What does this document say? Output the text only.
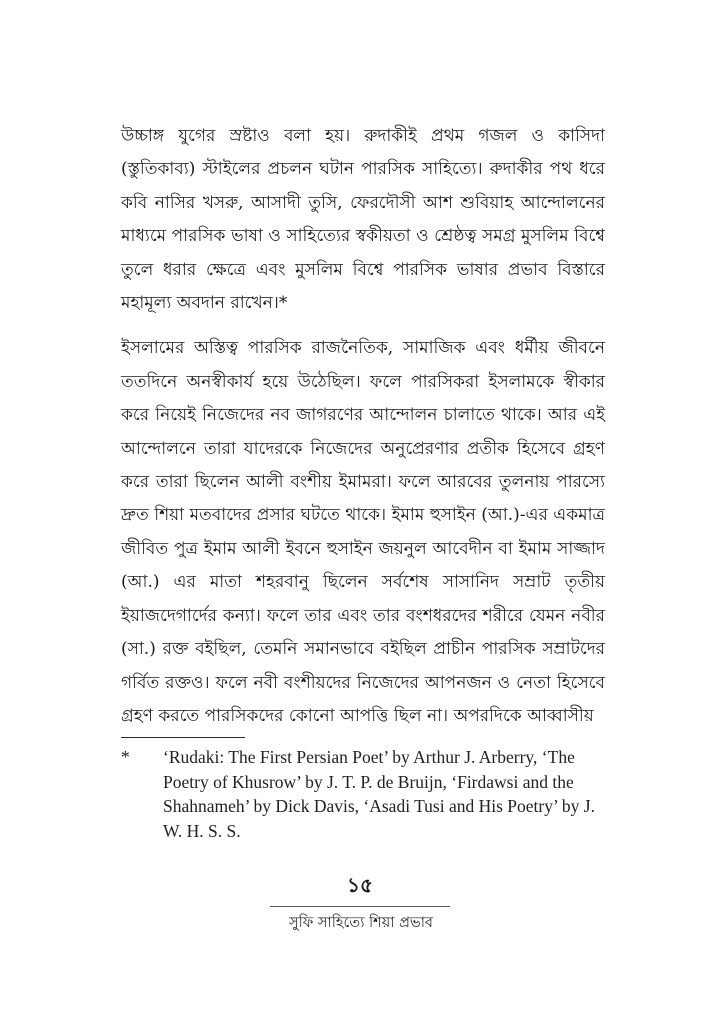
উচ্চাঙ্গ যুগের স্রষ্টাও বলা হয়। রুদাকীই প্রথম গজল ও কাসিদা (স্তুতিকাব্য) স্টাইলের প্রচলন ঘটান পারসিক সাহিত্যে। রুদাকীর পথ ধরে কবি নাসির খসরু, আসাদী তুসি, ফেরদৌসী আশ শুবিয়াহ আন্দোলনের মাধ্যমে পারসিক ভাষা ও সাহিত্যের স্বকীয়তা ও শ্রেষ্ঠত্ব সমগ্র মুসলিম বিশ্বে তুলে ধরার ক্ষেত্রে এবং মুসলিম বিশ্বে পারসিক ভাষার প্রভাব বিস্তারে মহামূল্য অবদান রাখেন।*

ইসলামের অস্তিত্ব পারসিক রাজনৈতিক, সামাজিক এবং ধর্মীয় জীবনে ততদিনে অনস্বীকার্য হয়ে উঠেছিল। ফলে পারসিকরা ইসলামকে স্বীকার করে নিয়েই নিজেদের নব জাগরণের আন্দোলন চালাতে থাকে। আর এই আন্দোলনে তারা যাদেরকে নিজেদের অনুপ্রেরণার প্রতীক হিসেবে গ্রহণ করে তারা ছিলেন আলী বংশীয় ইমামরা। ফলে আরবের তুলনায় পারস্যে দ্রুত শিয়া মতবাদের প্রসার ঘটতে থাকে। ইমাম হুসাইন (আ.)-এর একমাত্র জীবিত পুত্র ইমাম আলী ইবনে হুসাইন জয়নুল আবেদীন বা ইমাম সাজ্জাদ (আ.) এর মাতা শহরবানু ছিলেন সর্বশেষ সাসানিদ সম্রাট তৃতীয় ইয়াজদেগার্দের কন্যা। ফলে তার এবং তার বংশধরদের শরীরে যেমন নবীর (সা.) রক্ত বইছিল, তেমনি সমানভাবে বইছিল প্রাচীন পারসিক সম্রাটদের গর্বিত রক্তও। ফলে নবী বংশীয়দের নিজেদের আপনজন ও নেতা হিসেবে গ্রহণ করতে পারসিকদের কোনো আপত্তি ছিল না। অপরদিকে আব্বাসীয়

*	‘Rudaki: The First Persian Poet’ by Arthur J. Arberry, ‘The Poetry of Khusrow’ by J. T. P. de Bruijn, ‘Firdawsi and the Shahnameh’ by Dick Davis, ‘Asadi Tusi and His Poetry’ by J. W. H. S. S.
১৫
সুফি সাহিত্যে শিয়া প্রভাব
